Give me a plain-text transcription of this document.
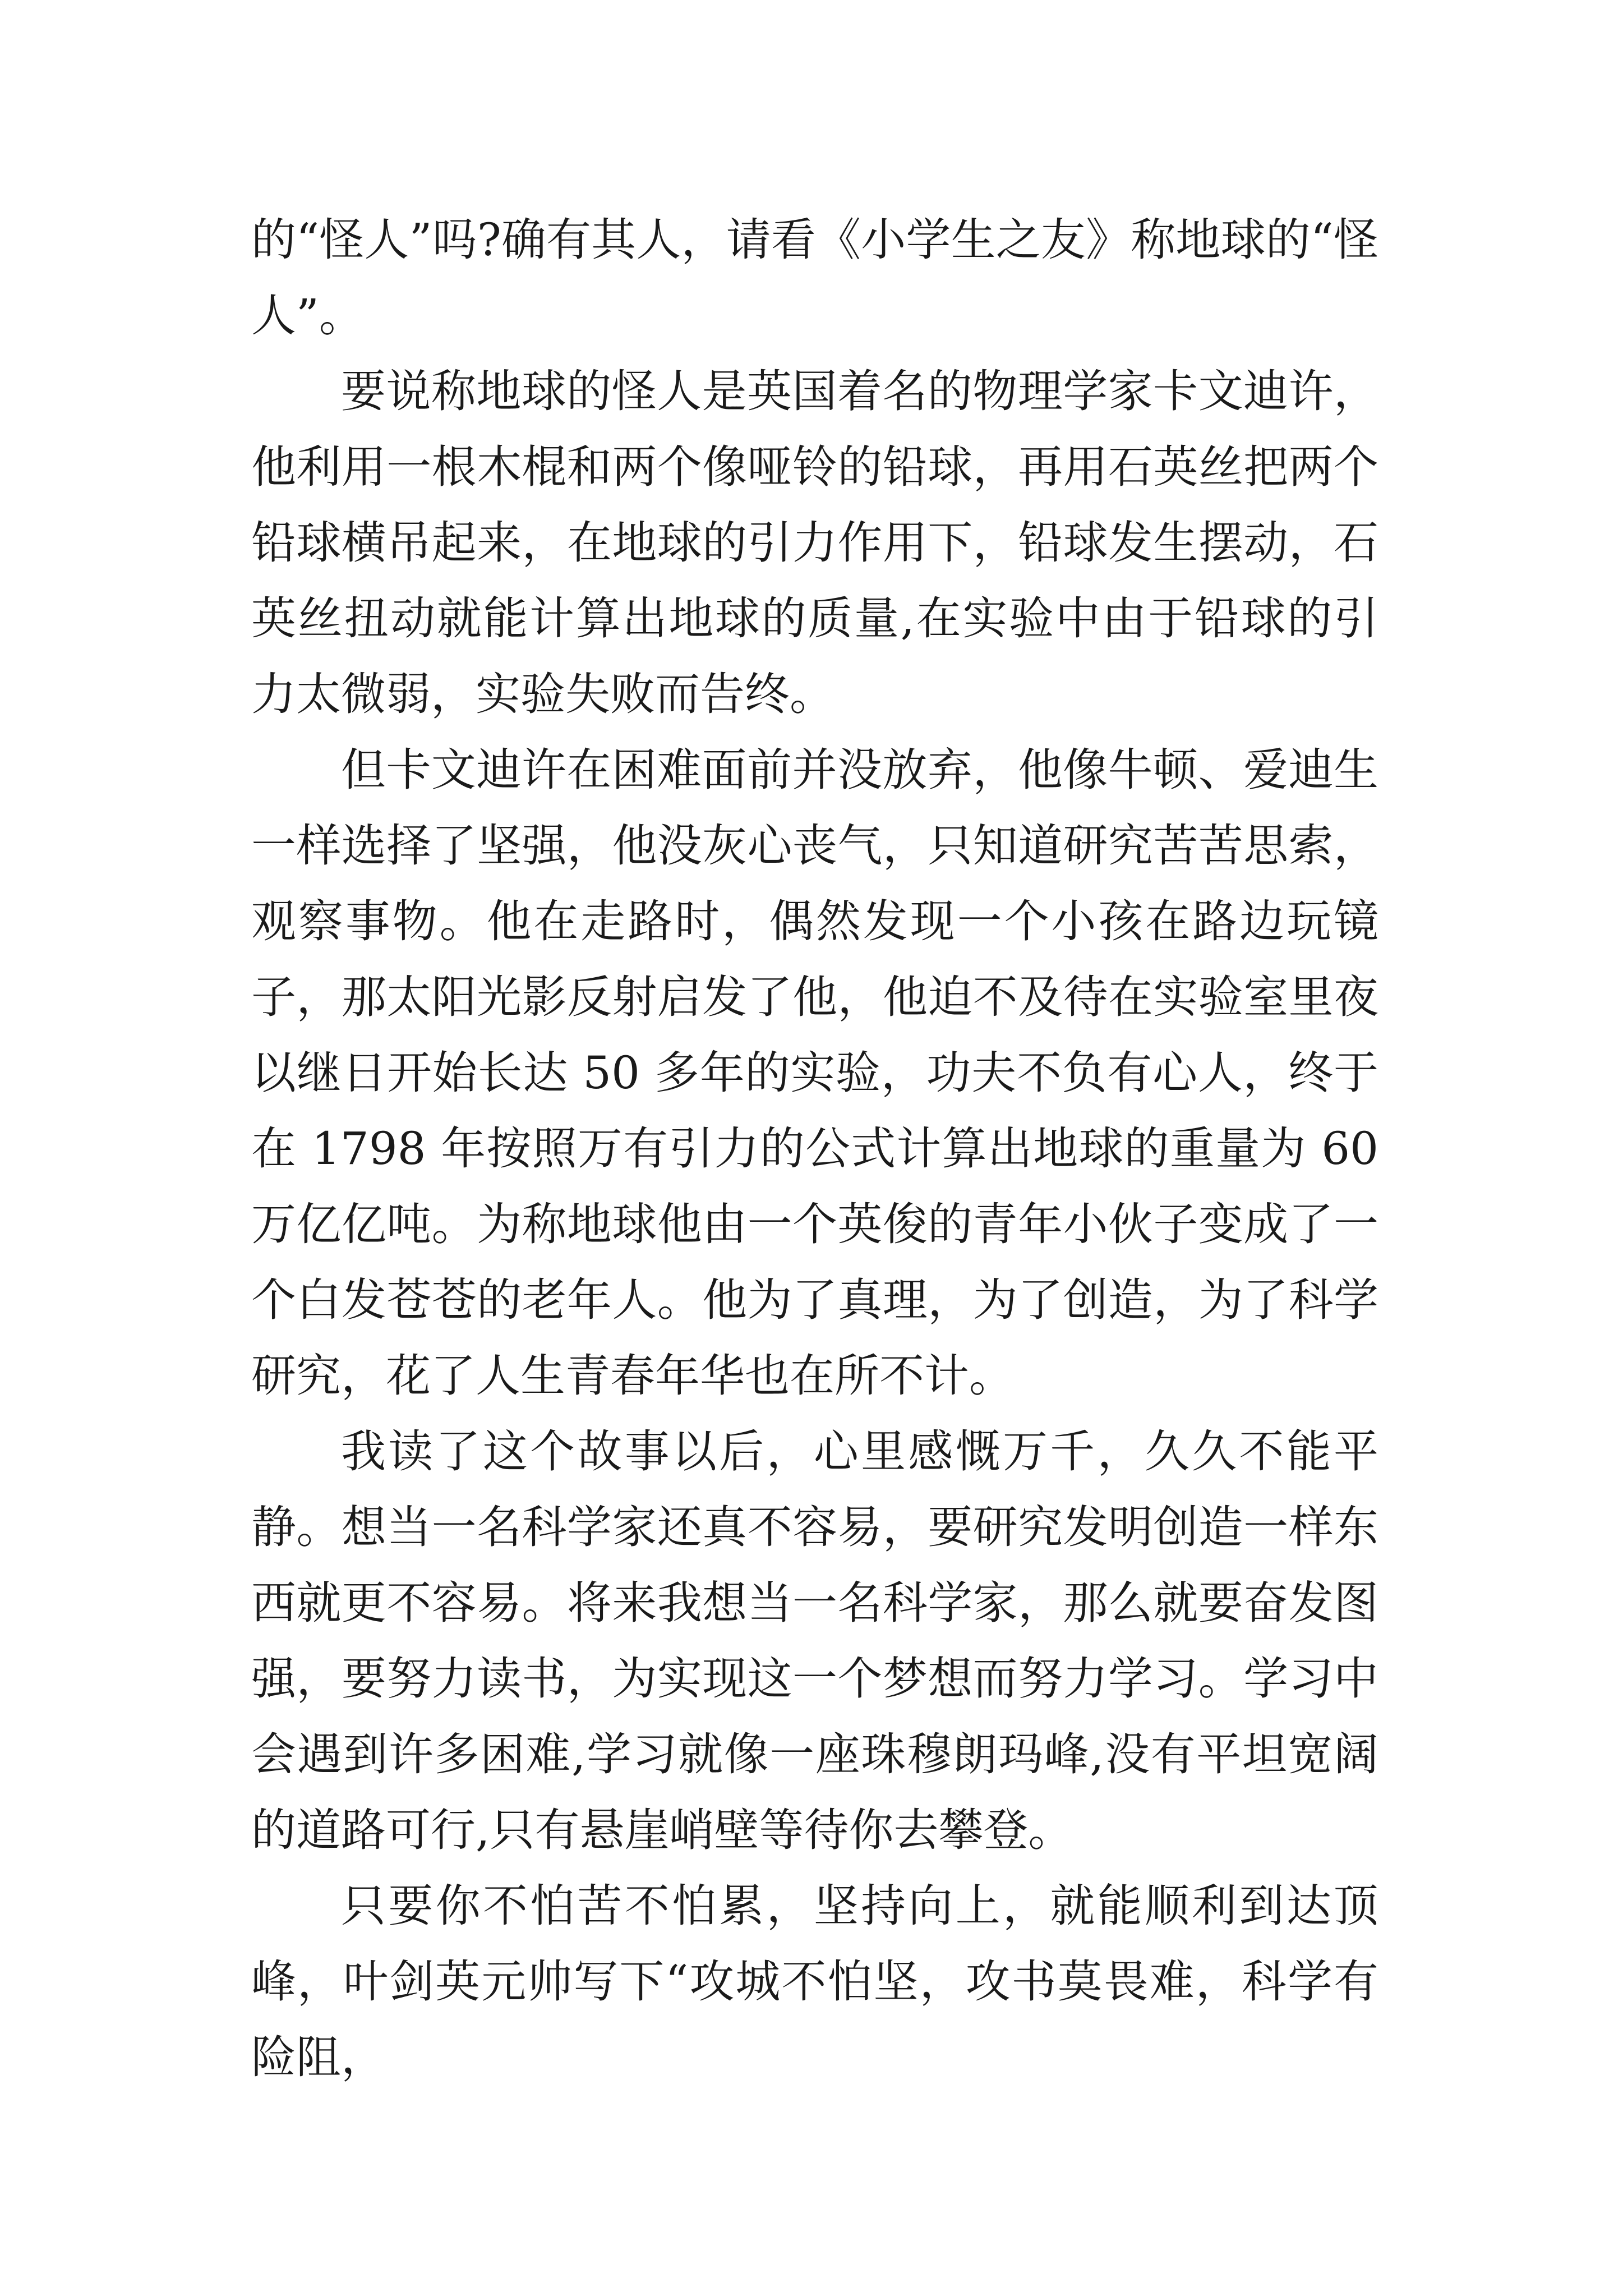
的“怪人”吗?确有其人，请看《小学生之友》称地球的“怪人”。

要说称地球的怪人是英国着名的物理学家卡文迪许，他利用一根木棍和两个像哑铃的铅球，再用石英丝把两个铅球横吊起来，在地球的引力作用下，铅球发生摆动，石英丝扭动就能计算出地球的质量,在实验中由于铅球的引力太微弱，实验失败而告终。

但卡文迪许在困难面前并没放弃，他像牛顿、爱迪生一样选择了坚强，他没灰心丧气，只知道研究苦苦思索，观察事物。他在走路时，偶然发现一个小孩在路边玩镜子，那太阳光影反射启发了他，他迫不及待在实验室里夜以继日开始长达 50 多年的实验，功夫不负有心人，终于在 1798 年按照万有引力的公式计算出地球的重量为 60 万亿亿吨。为称地球他由一个英俊的青年小伙子变成了一个白发苍苍的老年人。他为了真理，为了创造，为了科学研究，花了人生青春年华也在所不计。

我读了这个故事以后，心里感慨万千，久久不能平静。想当一名科学家还真不容易，要研究发明创造一样东西就更不容易。将来我想当一名科学家，那么就要奋发图强，要努力读书，为实现这一个梦想而努力学习。学习中会遇到许多困难,学习就像一座珠穆朗玛峰,没有平坦宽阔的道路可行,只有悬崖峭壁等待你去攀登。

只要你不怕苦不怕累，坚持向上，就能顺利到达顶峰，叶剑英元帅写下“攻城不怕坚，攻书莫畏难，科学有险阻，
